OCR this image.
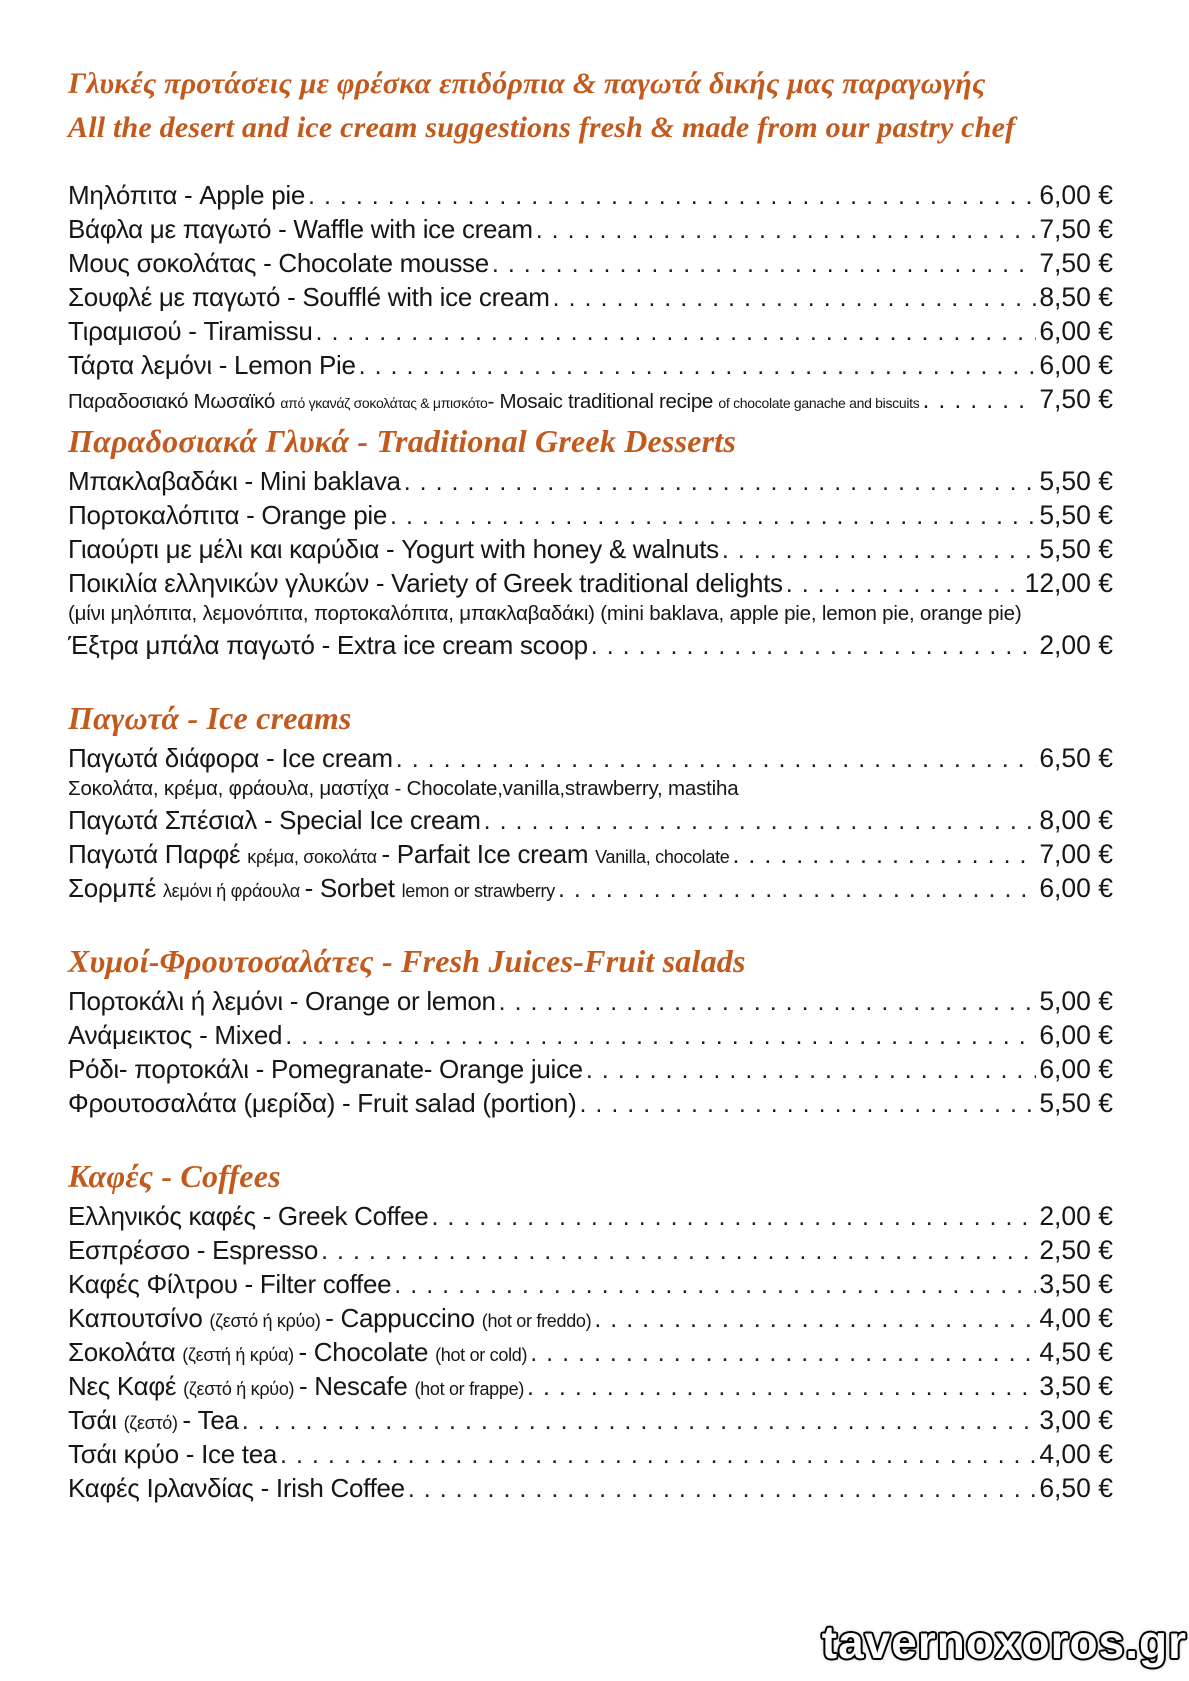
Γλυκές προτάσεις με φρέσκα επιδόρπια & παγωτά δικής μας παραγωγής
All the desert and ice cream suggestions fresh & made from our pastry chef
Μηλόπιτα - Apple pie .....	6,00 €
Βάφλα με παγωτό - Waffle with ice cream .....	7,50 €
Μους σοκολάτας - Chocolate mousse .....	7,50 €
Σουφλέ με παγωτό - Soufflé with ice cream .....	8,50 €
Τιραμισού - Tiramissu .....	6,00 €
Τάρτα λεμόνι - Lemon Pie .....	6,00 €
Παραδοσιακό Μωσαϊκό από γκανάζ σοκολάτας & μπισκότο- Mosaic traditional recipe of chocolate ganache and biscuits .....	7,50 €
Παραδοσιακά Γλυκά - Traditional Greek Desserts
Μπακλαβαδάκι - Mini baklava .....	5,50 €
Πορτοκαλόπιτα - Orange pie .....	5,50 €
Γιαούρτι με μέλι και καρύδια - Yogurt with honey & walnuts .....	5,50 €
Ποικιλία ελληνικών γλυκών - Variety of Greek traditional delights .....	12,00 €
(μίνι μηλόπιτα, λεμονόπιτα, πορτοκαλόπιτα, μπακλαβαδάκι) (mini baklava, apple pie, lemon pie, orange pie)
Έξτρα μπάλα παγωτό - Extra ice cream scoop .....	2,00 €
Παγωτά - Ice creams
Παγωτά διάφορα - Ice cream .....	6,50 €
Σοκολάτα, κρέμα, φράουλα, μαστίχα - Chocolate,vanilla,strawberry, mastiha
Παγωτά Σπέσιαλ - Special Ice cream .....	8,00 €
Παγωτά Παρφέ κρέμα, σοκολάτα - Parfait Ice cream Vanilla, chocolate .....	7,00 €
Σορμπέ λεμόνι ή φράουλα - Sorbet lemon or strawberry .....	6,00 €
Χυμοί-Φρουτοσαλάτες - Fresh Juices-Fruit salads
Πορτοκάλι ή λεμόνι - Orange or lemon .....	5,00 €
Ανάμεικτος - Mixed .....	6,00 €
Ρόδι- πορτοκάλι - Pomegranate- Orange juice .....	6,00 €
Φρουτοσαλάτα (μερίδα) - Fruit salad (portion) .....	5,50 €
Καφές - Coffees
Ελληνικός καφές - Greek Coffee .....	2,00 €
Εσπρέσσο - Espresso .....	2,50 €
Καφές Φίλτρου - Filter coffee .....	3,50 €
Καπουτσίνο (ζεστό ή κρύο) - Cappuccino (hot or freddo) .....	4,00 €
Σοκολάτα (ζεστή ή κρύα) - Chocolate (hot or cold) .....	4,50 €
Νες Καφέ (ζεστό ή κρύο) - Nescafe (hot or frappe) .....	3,50 €
Τσάι (ζεστό) - Tea .....	3,00 €
Τσάι κρύο - Ice tea .....	4,00 €
Καφές Ιρλανδίας - Irish Coffee .....	6,50 €
tavernoxoros.gr
